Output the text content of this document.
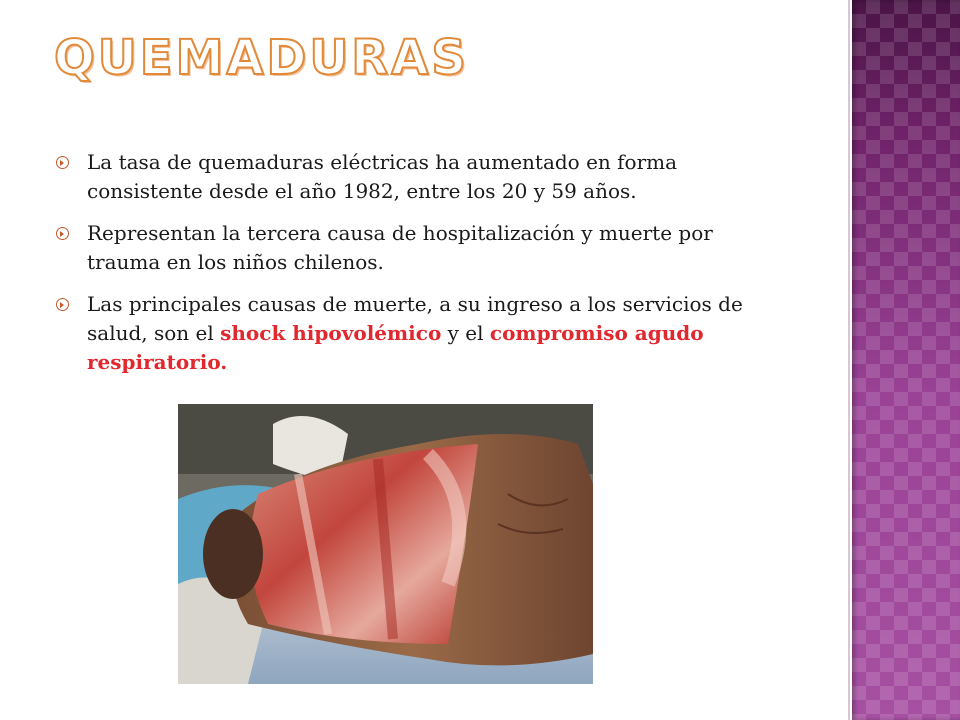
QUEMADURAS
La tasa de quemaduras eléctricas ha aumentado en forma consistente desde el año 1982, entre los 20 y 59 años.
Representan la tercera causa de hospitalización y muerte por trauma en los niños chilenos.
Las principales causas de muerte, a su ingreso a los servicios de salud, son el shock hipovolémico y el compromiso agudo respiratorio.
